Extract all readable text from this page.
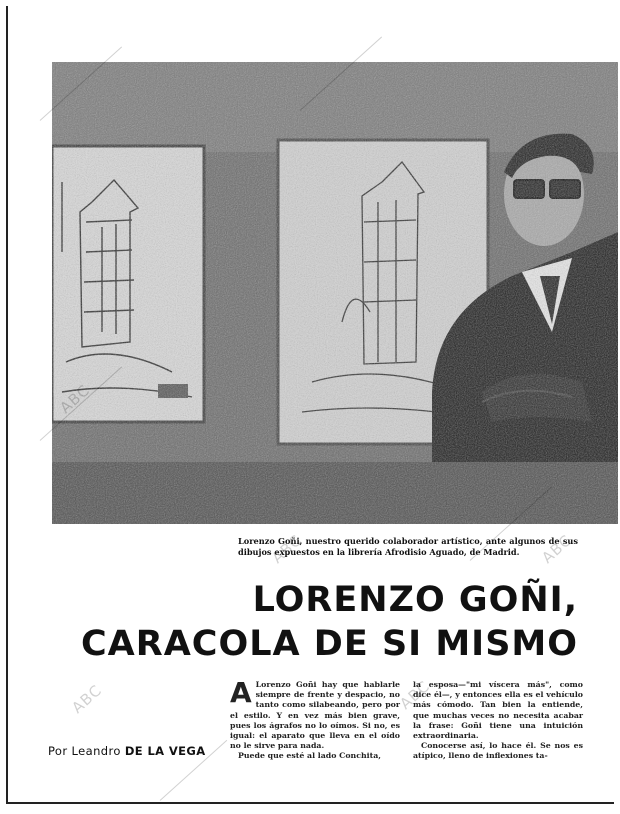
ABC
ABC	ABC
ABC	ABC
Lorenzo Goñi, nuestro querido colaborador artístico, ante algunos de sus dibujos expuestos en la librería Afrodisio Aguado, de Madrid.
LORENZO GOÑI,
CARACOLA DE SI MISMO
Por Leandro DE LA VEGA
A Lorenzo Goñi hay que hablarle siempre de frente y despacio, no tanto como silabeando, pero por el estilo. Y en vez más bien grave, pues los ágrafos no lo oímos. Si no, es igual: el aparato que lleva en el oído no le sirve para nada.

Puede que esté al lado Conchita,

la esposa—"mi víscera más", como dice él—, y entonces ella es el vehículo más cómodo. Tan bien la entiende, que muchas veces no necesita acabar la frase: Goñi tiene una intuición extraordinaria.

Conocerse así, lo hace él. Se nos es atípico, lleno de inflexiones ta-
